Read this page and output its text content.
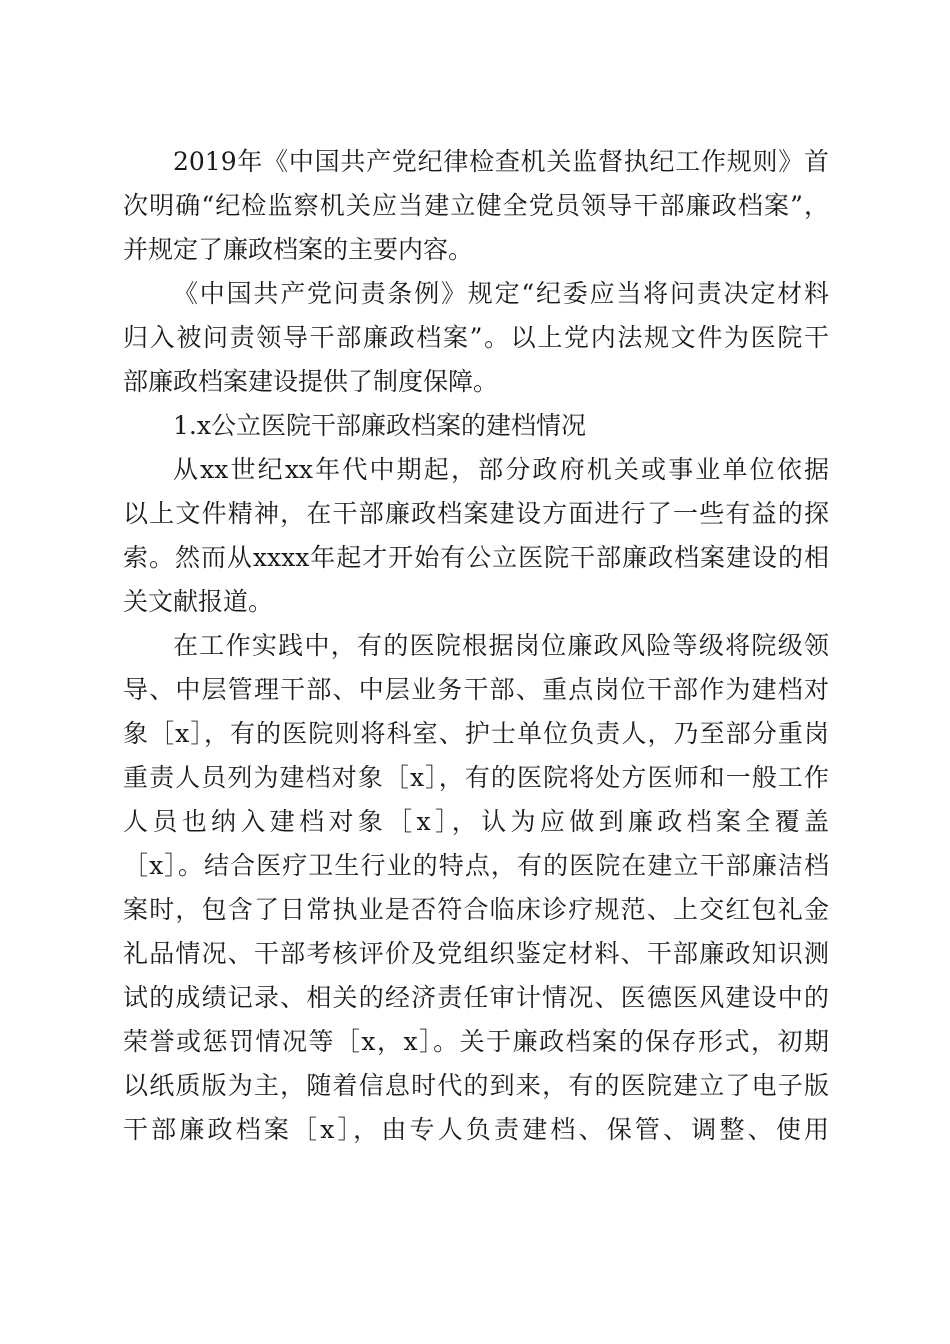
2019年《中国共产党纪律检查机关监督执纪工作规则》首
次明确“纪检监察机关应当建立健全党员领导干部廉政档案”，
并规定了廉政档案的主要内容。
《中国共产党问责条例》规定“纪委应当将问责决定材料
归入被问责领导干部廉政档案”。以上党内法规文件为医院干
部廉政档案建设提供了制度保障。
1.x公立医院干部廉政档案的建档情况
从xx世纪xx年代中期起，部分政府机关或事业单位依据
以上文件精神，在干部廉政档案建设方面进行了一些有益的探
索。然而从xxxx年起才开始有公立医院干部廉政档案建设的相
关文献报道。
在工作实践中，有的医院根据岗位廉政风险等级将院级领
导、中层管理干部、中层业务干部、重点岗位干部作为建档对
象［x］，有的医院则将科室、护士单位负责人，乃至部分重岗
重责人员列为建档对象［x］，有的医院将处方医师和一般工作
人员也纳入建档对象［x］，认为应做到廉政档案全覆盖
［x］。结合医疗卫生行业的特点，有的医院在建立干部廉洁档
案时，包含了日常执业是否符合临床诊疗规范、上交红包礼金
礼品情况、干部考核评价及党组织鉴定材料、干部廉政知识测
试的成绩记录、相关的经济责任审计情况、医德医风建设中的
荣誉或惩罚情况等［x，x］。关于廉政档案的保存形式，初期
以纸质版为主，随着信息时代的到来，有的医院建立了电子版
干部廉政档案［x］，由专人负责建档、保管、调整、使用
